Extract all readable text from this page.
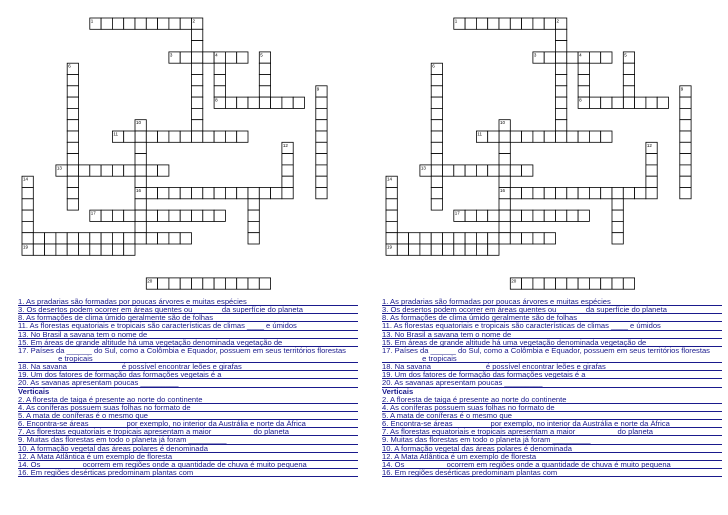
1	2
3	4	5
6
8
9
10
11
12
13
14
16
17
19
20
1. As pradarias são formadas por poucas árvores e muitas espécies ____
3. Os desertos podem ocorrer em áreas quentes ou ______ da superfície do planeta
8. As formações de clima úmido geralmente são de folhas ______
11. As florestas equatoriais e tropicais são características de climas ____ e úmidos
13. No Brasil a savana tem o nome de _________
15. Em áreas de grande altitude há uma vegetação denominada vegetação de ________
17. Países da ______ do Sul, como a Colômbia e Equador, possuem em seus territórios florestas _________ e tropicais
18. Na savana ____________ é possível encontrar leões e girafas
19. Um dos fatores de formação das formações vegetais é a _________
20. As savanas apresentam poucas _________
Verticais
2. A floresta de taiga é presente ao norte do continente
4. As coníferas possuem suas folhas no formato de _________
5. A mata de coníferas é o mesmo que _________
6. Encontra-se áreas ________ por exemplo, no interior da Austrália e norte da África
7. As florestas equatoriais e tropicais apresentam a maior _________ do planeta
9. Muitas das florestas em todo o planeta já foram _________
10. A formação vegetal das áreas polares é denominada _________
12. A Mata Atlântica é um exemplo de floresta _________
14. Os _________ ocorrem em regiões onde a quantidade de chuva é muito pequena
16. Em regiões desérticas predominam plantas com ______
1	2
3	4	5
6
8
9
10
11
12
13
14
16
17
19
20
1. As pradarias são formadas por poucas árvores e muitas espécies ____
3. Os desertos podem ocorrer em áreas quentes ou ______ da superfície do planeta
8. As formações de clima úmido geralmente são de folhas ______
11. As florestas equatoriais e tropicais são características de climas ____ e úmidos
13. No Brasil a savana tem o nome de _________
15. Em áreas de grande altitude há uma vegetação denominada vegetação de ________
17. Países da ______ do Sul, como a Colômbia e Equador, possuem em seus territórios florestas _________ e tropicais
18. Na savana ____________ é possível encontrar leões e girafas
19. Um dos fatores de formação das formações vegetais é a _________
20. As savanas apresentam poucas _________
Verticais
2. A floresta de taiga é presente ao norte do continente
4. As coníferas possuem suas folhas no formato de _________
5. A mata de coníferas é o mesmo que _________
6. Encontra-se áreas ________ por exemplo, no interior da Austrália e norte da África
7. As florestas equatoriais e tropicais apresentam a maior _________ do planeta
9. Muitas das florestas em todo o planeta já foram _________
10. A formação vegetal das áreas polares é denominada _________
12. A Mata Atlântica é um exemplo de floresta _________
14. Os _________ ocorrem em regiões onde a quantidade de chuva é muito pequena
16. Em regiões desérticas predominam plantas com ______
